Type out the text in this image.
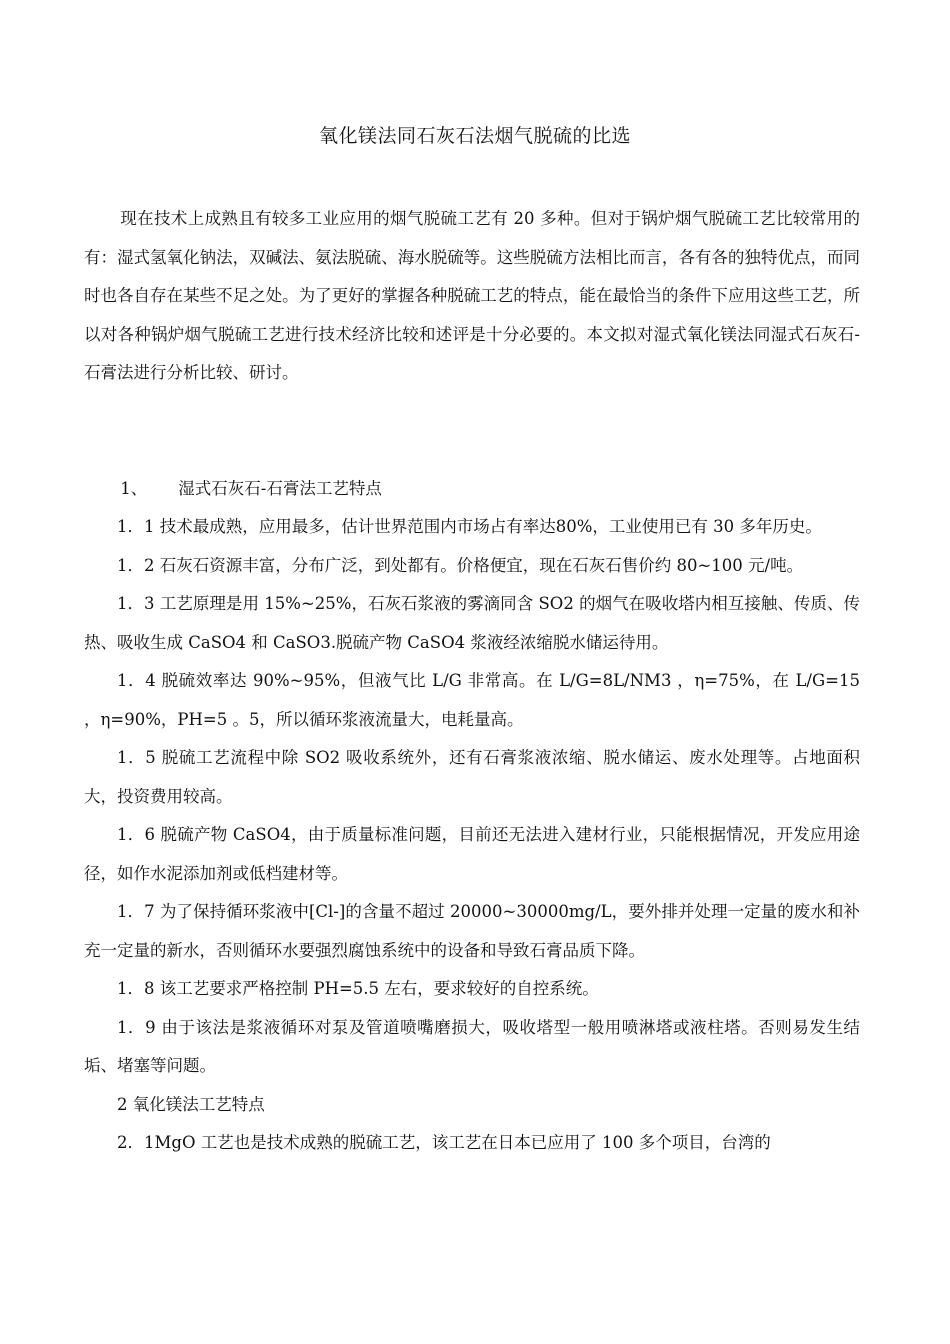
氧化镁法同石灰石法烟气脱硫的比选

现在技术上成熟且有较多工业应用的烟气脱硫工艺有 20 多种。但对于锅炉烟气脱硫工艺比较常用的有：湿式氢氧化钠法，双碱法、氨法脱硫、海水脱硫等。这些脱硫方法相比而言，各有各的独特优点，而同时也各自存在某些不足之处。为了更好的掌握各种脱硫工艺的特点，能在最恰当的条件下应用这些工艺，所以对各种锅炉烟气脱硫工艺进行技术经济比较和述评是十分必要的。本文拟对湿式氧化镁法同湿式石灰石-石膏法进行分析比较、研讨。

1、 湿式石灰石-石膏法工艺特点

1．1 技术最成熟，应用最多，估计世界范围内市场占有率达80%，工业使用已有 30 多年历史。

1．2 石灰石资源丰富，分布广泛，到处都有。价格便宜，现在石灰石售价约 80~100 元/吨。

1．3 工艺原理是用 15%~25%，石灰石浆液的雾滴同含 SO2 的烟气在吸收塔内相互接触、传质、传热、吸收生成 CaSO4 和 CaSO3.脱硫产物 CaSO4 浆液经浓缩脱水储运待用。

1．4 脱硫效率达 90%~95%，但液气比 L/G 非常高。在 L/G=8L/NM3 ，η=75%，在 L/G=15 ，η=90%，PH=5 。5，所以循环浆液流量大，电耗量高。

1．5 脱硫工艺流程中除 SO2 吸收系统外，还有石膏浆液浓缩、脱水储运、废水处理等。占地面积大，投资费用较高。

1．6 脱硫产物 CaSO4，由于质量标准问题，目前还无法进入建材行业，只能根据情况，开发应用途径，如作水泥添加剂或低档建材等。

1．7 为了保持循环浆液中[Cl-]的含量不超过 20000~30000mg/L，要外排并处理一定量的废水和补充一定量的新水，否则循环水要强烈腐蚀系统中的设备和导致石膏品质下降。

1．8 该工艺要求严格控制 PH=5.5 左右，要求较好的自控系统。

1．9 由于该法是浆液循环对泵及管道喷嘴磨损大，吸收塔型一般用喷淋塔或液柱塔。否则易发生结垢、堵塞等问题。

2 氧化镁法工艺特点

2．1MgO 工艺也是技术成熟的脱硫工艺，该工艺在日本已应用了 100 多个项目，台湾的
